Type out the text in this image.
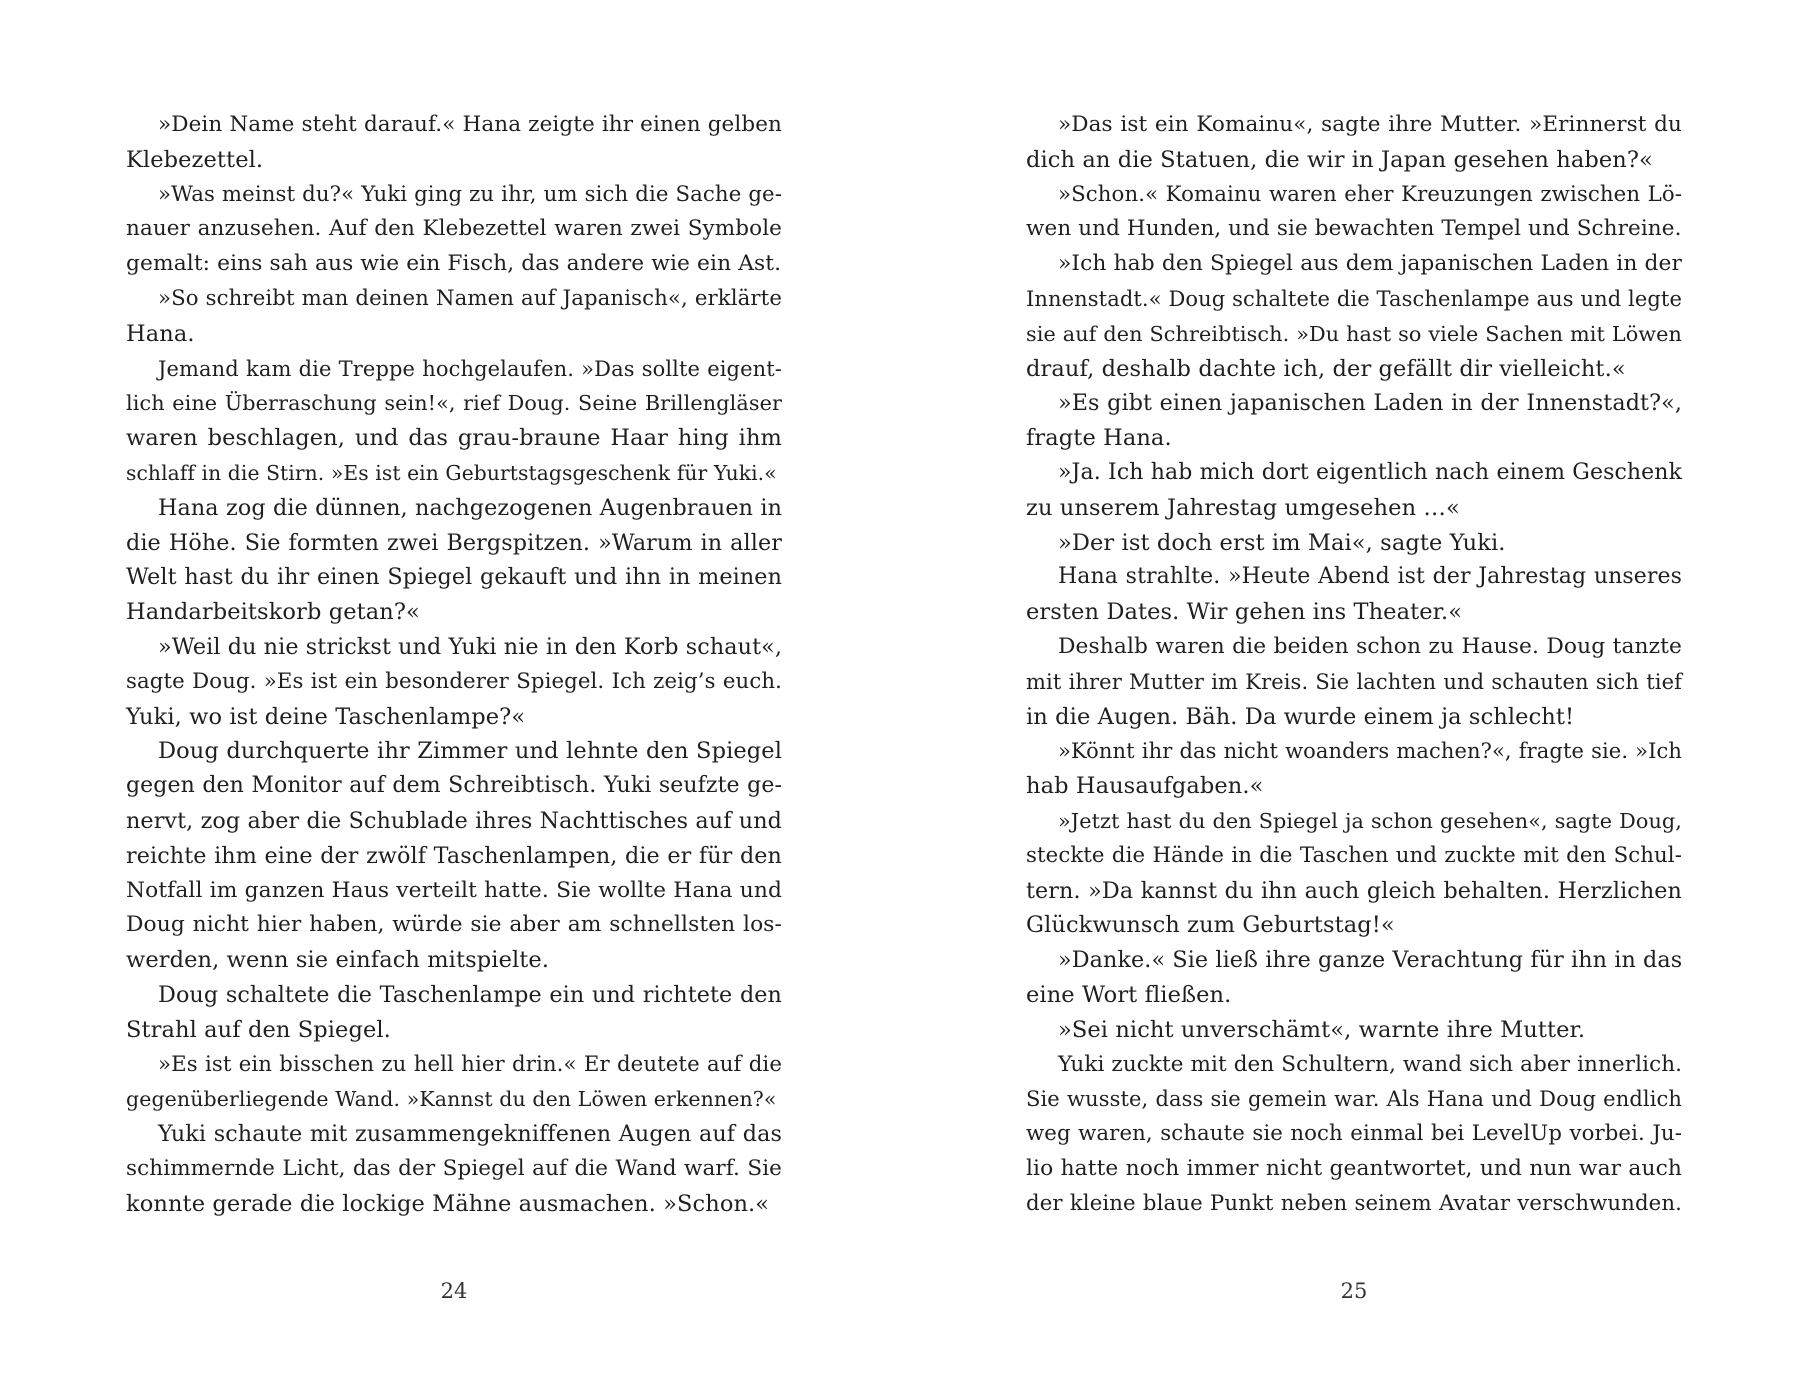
»Dein Name steht darauf.« Hana zeigte ihr einen gelben
Klebezettel.
»Was meinst du?« Yuki ging zu ihr, um sich die Sache ge-
nauer anzusehen. Auf den Klebezettel waren zwei Symbole
gemalt: eins sah aus wie ein Fisch, das andere wie ein Ast.
»So schreibt man deinen Namen auf Japanisch«, erklärte
Hana.
Jemand kam die Treppe hochgelaufen. »Das sollte eigent-
lich eine Überraschung sein!«, rief Doug. Seine Brillengläser
waren beschlagen, und das grau-braune Haar hing ihm
schlaff in die Stirn. »Es ist ein Geburtstagsgeschenk für Yuki.«
Hana zog die dünnen, nachgezogenen Augenbrauen in
die Höhe. Sie formten zwei Bergspitzen. »Warum in aller
Welt hast du ihr einen Spiegel gekauft und ihn in meinen
Handarbeitskorb getan?«
»Weil du nie strickst und Yuki nie in den Korb schaut«,
sagte Doug. »Es ist ein besonderer Spiegel. Ich zeig’s euch.
Yuki, wo ist deine Taschenlampe?«
Doug durchquerte ihr Zimmer und lehnte den Spiegel
gegen den Monitor auf dem Schreibtisch. Yuki seufzte ge-
nervt, zog aber die Schublade ihres Nachttisches auf und
reichte ihm eine der zwölf Taschenlampen, die er für den
Notfall im ganzen Haus verteilt hatte. Sie wollte Hana und
Doug nicht hier haben, würde sie aber am schnellsten los-
werden, wenn sie einfach mitspielte.
Doug schaltete die Taschenlampe ein und richtete den
Strahl auf den Spiegel.
»Es ist ein bisschen zu hell hier drin.« Er deutete auf die
gegenüberliegende Wand. »Kannst du den Löwen erkennen?«
Yuki schaute mit zusammengekniffenen Augen auf das
schimmernde Licht, das der Spiegel auf die Wand warf. Sie
konnte gerade die lockige Mähne ausmachen. »Schon.«
24
»Das ist ein Komainu«, sagte ihre Mutter. »Erinnerst du
dich an die Statuen, die wir in Japan gesehen haben?«
»Schon.« Komainu waren eher Kreuzungen zwischen Lö-
wen und Hunden, und sie bewachten Tempel und Schreine.
»Ich hab den Spiegel aus dem japanischen Laden in der
Innenstadt.« Doug schaltete die Taschenlampe aus und legte
sie auf den Schreibtisch. »Du hast so viele Sachen mit Löwen
drauf, deshalb dachte ich, der gefällt dir vielleicht.«
»Es gibt einen japanischen Laden in der Innenstadt?«,
fragte Hana.
»Ja. Ich hab mich dort eigentlich nach einem Geschenk
zu unserem Jahrestag umgesehen …«
»Der ist doch erst im Mai«, sagte Yuki.
Hana strahlte. »Heute Abend ist der Jahrestag unseres
ersten Dates. Wir gehen ins Theater.«
Deshalb waren die beiden schon zu Hause. Doug tanzte
mit ihrer Mutter im Kreis. Sie lachten und schauten sich tief
in die Augen. Bäh. Da wurde einem ja schlecht!
»Könnt ihr das nicht woanders machen?«, fragte sie. »Ich
hab Hausaufgaben.«
»Jetzt hast du den Spiegel ja schon gesehen«, sagte Doug,
steckte die Hände in die Taschen und zuckte mit den Schul-
tern. »Da kannst du ihn auch gleich behalten. Herzlichen
Glückwunsch zum Geburtstag!«
»Danke.« Sie ließ ihre ganze Verachtung für ihn in das
eine Wort fließen.
»Sei nicht unverschämt«, warnte ihre Mutter.
Yuki zuckte mit den Schultern, wand sich aber innerlich.
Sie wusste, dass sie gemein war. Als Hana und Doug endlich
weg waren, schaute sie noch einmal bei LevelUp vorbei. Ju-
lio hatte noch immer nicht geantwortet, und nun war auch
der kleine blaue Punkt neben seinem Avatar verschwunden.
25
